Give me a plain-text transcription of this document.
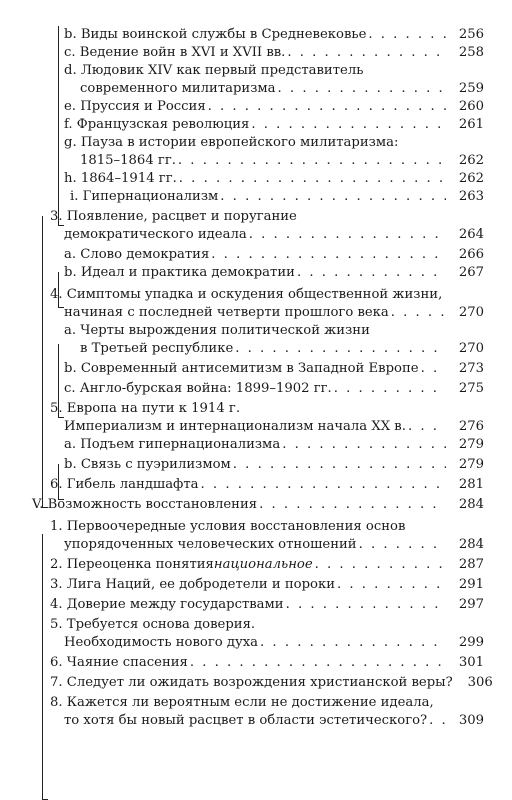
b. Виды воинской службы в Средневековье . . .	256
c. Ведение войн в XVI и XVII вв. . . .	258
d. Людовик XIV как первый представитель
современного милитаризма . . .	259
e. Пруссия и Россия . . .	260
f. Французская революция . . .	261
g. Пауза в истории европейского милитаризма:
1815–1864 гг. . . .	262
h. 1864–1914 гг. . . .	262
i. Гипернационализм . . .	263
3. Появление, расцвет и поругание
демократического идеала . . .	264
a. Слово демократия . . .	266
b. Идеал и практика демократии . . .	267
4. Симптомы упадка и оскудения общественной жизни,
начиная с последней четверти прошлого века . . .	270
a. Черты вырождения политической жизни
в Третьей республике . . .	270
b. Современный антисемитизм в Западной Европе . . .	273
c. Англо-бурская война: 1899–1902 гг. . . .	275
5. Европа на пути к 1914 г.
Империализм и интернационализм начала XX в. . . .	276
a. Подъем гипернационализма . . .	279
b. Связь с пуэрилизмом . . .	279
6. Гибель ландшафта . . .	281
V. Возможность восстановления . . .	284
1. Первоочередные условия восстановления основ
упорядоченных человеческих отношений . . .	284
2. Переоценка понятия национальное . . .	287
3. Лига Наций, ее добродетели и пороки . . .	291
4. Доверие между государствами . . .	297
5. Требуется основа доверия.
Необходимость нового духа . . .	299
6. Чаяние спасения . . .	301
7. Следует ли ожидать возрождения христианской веры?	306
8. Кажется ли вероятным если не достижение идеала,
то хотя бы новый расцвет в области эстетического? . . .	309
